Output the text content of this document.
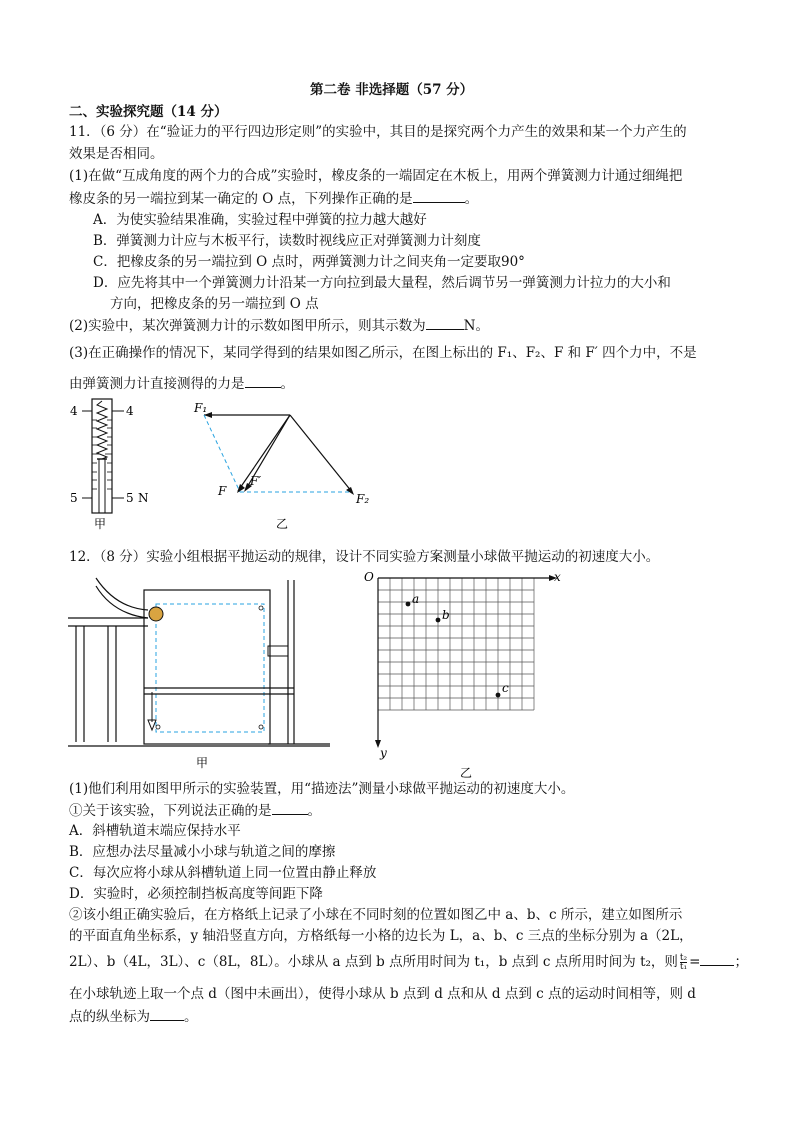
第二卷 非选择题（57 分）
二、实验探究题（14 分）
11．（6 分）在“验证力的平行四边形定则”的实验中，其目的是探究两个力产生的效果和某一个力产生的
效果是否相同。
(1)在做“互成角度的两个力的合成”实验时，橡皮条的一端固定在木板上，用两个弹簧测力计通过细绳把
橡皮条的另一端拉到某一确定的 O 点，下列操作正确的是	。
A．为使实验结果准确，实验过程中弹簧的拉力越大越好
B．弹簧测力计应与木板平行，读数时视线应正对弹簧测力计刻度
C．把橡皮条的另一端拉到 O 点时，两弹簧测力计之间夹角一定要取90°
D．应先将其中一个弹簧测力计沿某一方向拉到最大量程，然后调节另一弹簧测力计拉力的大小和
方向，把橡皮条的另一端拉到 O 点
(2)实验中，某次弹簧测力计的示数如图甲所示，则其示数为	N。
(3)在正确操作的情况下，某同学得到的结果如图乙所示，在图上标出的 F₁、F₂、F 和 F′ 四个力中，不是
由弹簧测力计直接测得的力是	。
4	4
5	5 N
甲
F₁
F₂
F
F′
乙
12．（8 分）实验小组根据平抛运动的规律，设计不同实验方案测量小球做平抛运动的初速度大小。
甲
O	x
y
a
b
c
乙
(1)他们利用如图甲所示的实验装置，用“描迹法”测量小球做平抛运动的初速度大小。
①关于该实验，下列说法正确的是	。
A．斜槽轨道末端应保持水平
B．应想办法尽量减小小球与轨道之间的摩擦
C．每次应将小球从斜槽轨道上同一位置由静止释放
D．实验时，必须控制挡板高度等间距下降
②该小组正确实验后，在方格纸上记录了小球在不同时刻的位置如图乙中 a、b、c 所示，建立如图所示
的平面直角坐标系，y 轴沿竖直方向，方格纸每一小格的边长为 L，a、b、c 三点的坐标分别为 a（2L，
2L）、b（4L，3L）、c（8L，8L）。小球从 a 点到 b 点所用时间为 t₁，b 点到 c 点所用时间为 t₂，则 $\frac{\text{t₂}}{\text{t₁}}$ =	；
在小球轨迹上取一个点 d（图中未画出），使得小球从 b 点到 d 点和从 d 点到 c 点的运动时间相等，则 d
点的纵坐标为	。
